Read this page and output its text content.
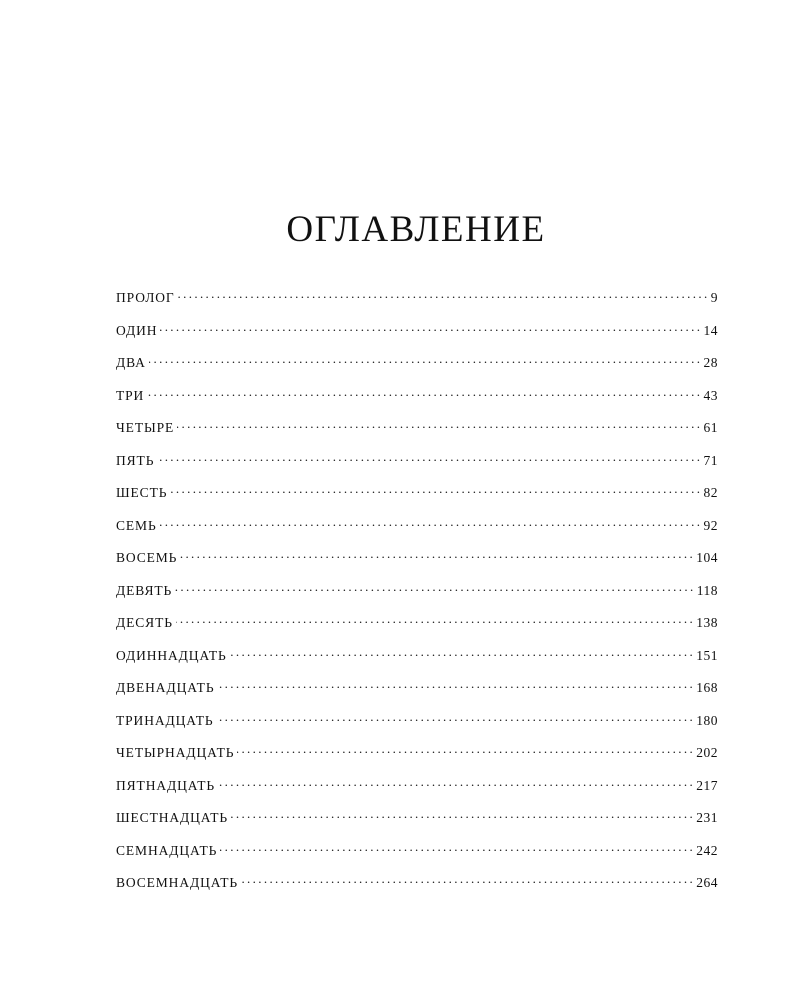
ОГЛАВЛЕНИЕ
ПРОЛОГ . . .	9
ОДИН . . .	14
ДВА . . .	28
ТРИ . . .	43
ЧЕТЫРЕ . . .	61
ПЯТЬ . . .	71
ШЕСТЬ . . .	82
СЕМЬ . . .	92
ВОСЕМЬ . . .	104
ДЕВЯТЬ . . .	118
ДЕСЯТЬ . . .	138
ОДИННАДЦАТЬ . . .	151
ДВЕНАДЦАТЬ . . .	168
ТРИНАДЦАТЬ . . .	180
ЧЕТЫРНАДЦАТЬ . . .	202
ПЯТНАДЦАТЬ . . .	217
ШЕСТНАДЦАТЬ . . .	231
СЕМНАДЦАТЬ . . .	242
ВОСЕМНАДЦАТЬ . . .	264
